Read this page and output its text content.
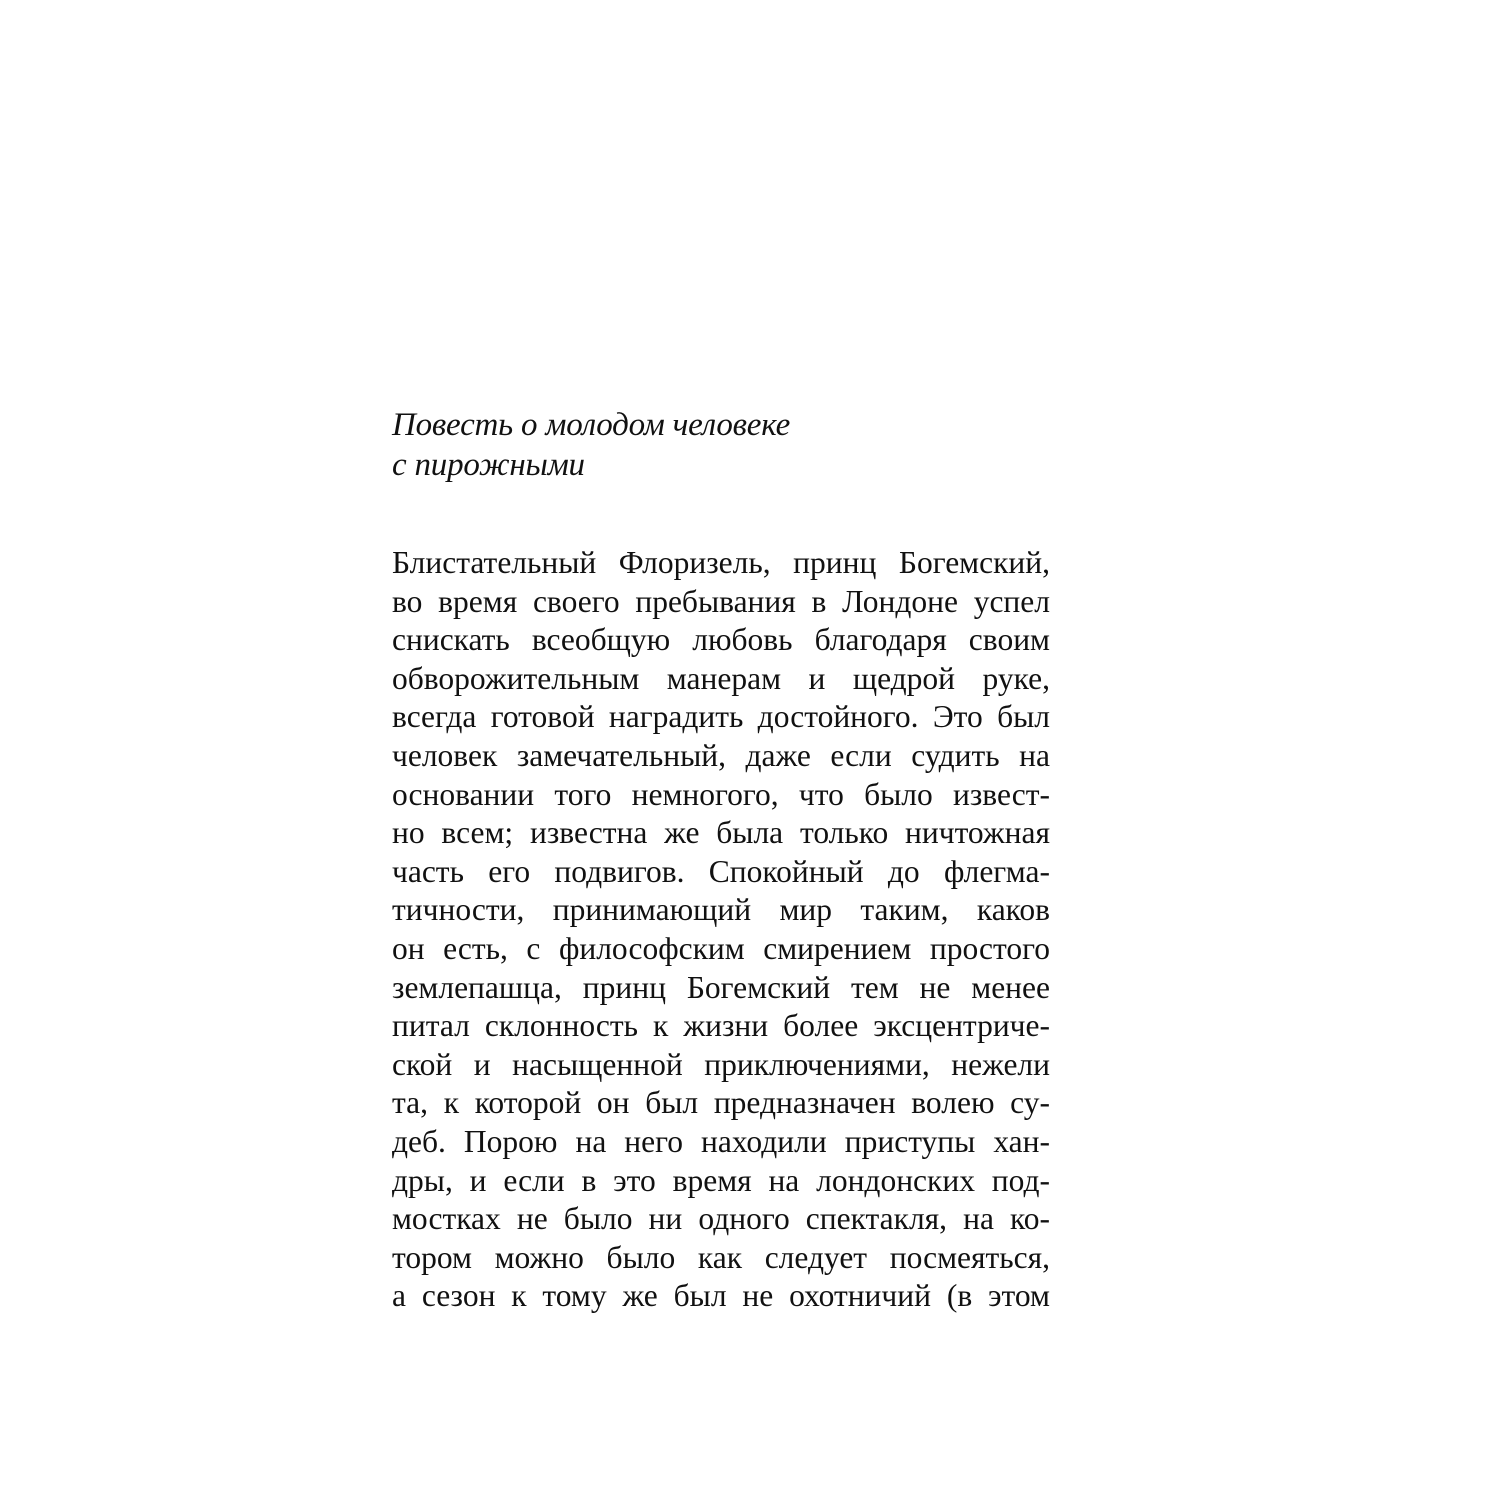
Повесть о молодом человеке
с пирожными
Блистательный Флоризель, принц Богемский,
во время своего пребывания в Лондоне успел
снискать всеобщую любовь благодаря своим
обворожительным манерам и щедрой руке,
всегда готовой наградить достойного. Это был
человек замечательный, даже если судить на
основании того немногого, что было извест-
но всем; известна же была только ничтожная
часть его подвигов. Спокойный до флегма-
тичности, принимающий мир таким, каков
он есть, с философским смирением простого
землепашца, принц Богемский тем не менее
питал склонность к жизни более эксцентриче-
ской и насыщенной приключениями, нежели
та, к которой он был предназначен волею су-
деб. Порою на него находили приступы хан-
дры, и если в это время на лондонских под-
мостках не было ни одного спектакля, на ко-
тором можно было как следует посмеяться,
а сезон к тому же был не охотничий (в этом
